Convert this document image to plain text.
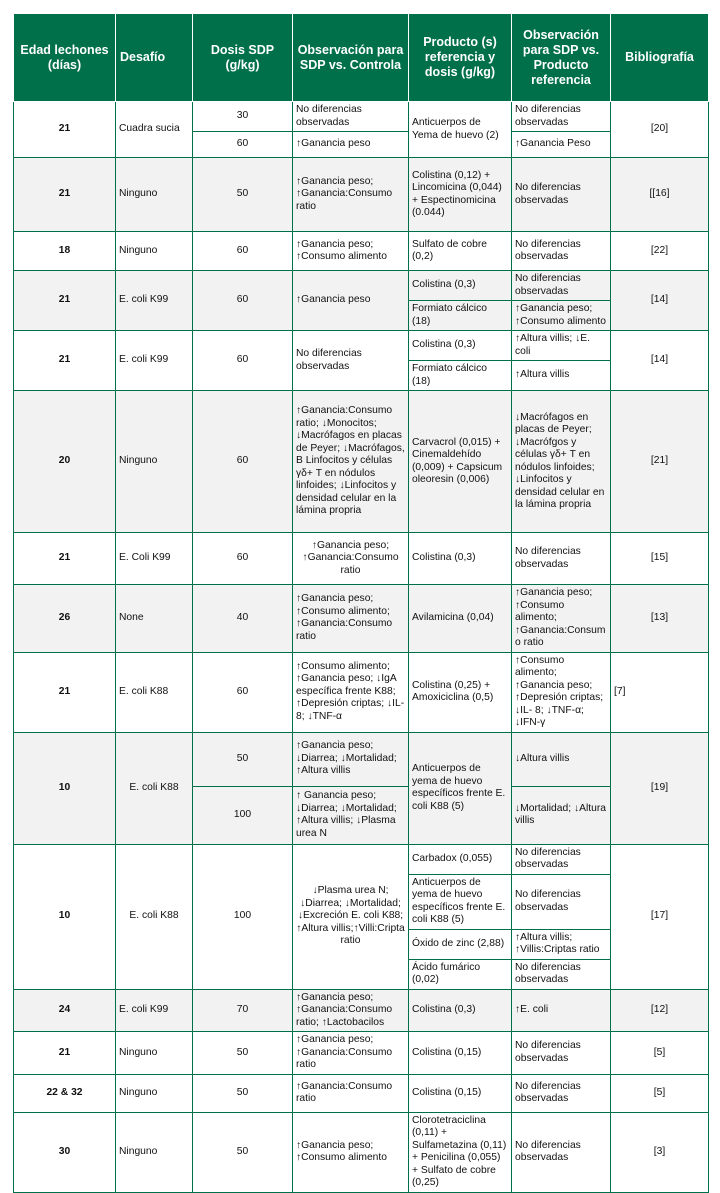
Edad lechones (días)	Desafío	Dosis SDP (g/kg)	Observación para SDP vs. Controla	Producto (s) referencia y dosis (g/kg)	Observación para SDP vs. Producto referencia	Bibliografía
21	Cuadra sucia	30	No diferencias observadas	Anticuerpos de Yema de huevo (2)	No diferencias observadas	[20]
		60	↑Ganancia peso		↑Ganancia Peso	
21	Ninguno	50	↑Ganancia peso; ↑Ganancia:Consumo ratio	Colistina (0,12) + Lincomicina (0,044) + Espectinomicina (0.044)	No diferencias observadas	[[16]
18	Ninguno	60	↑Ganancia peso; ↑Consumo alimento	Sulfato de cobre (0,2)	No diferencias observadas	[22]
21	E. coli K99	60	↑Ganancia peso	Colistina (0,3)	No diferencias observadas	[14]
				Formiato cálcico (18)	↑Ganancia peso; ↑Consumo alimento	
21	E. coli K99	60	No diferencias observadas	Colistina (0,3)	↑Altura villis; ↓E. coli	[14]
				Formiato cálcico (18)	↑Altura villis	
20	Ninguno	60	↑Ganancia:Consumo ratio; ↓Monocitos; ↓Macrófagos en placas de Peyer; ↓Macrófagos, B Linfocitos y células γδ+ T en nódulos linfoides; ↓Linfocitos y densidad celular en la lámina propria	Carvacrol (0,015) + Cinemaldehído (0,009) + Capsicum oleoresin (0,006)	↓Macrófagos en placas de Peyer; ↓Macrófgos y células γδ+ T en nódulos linfoides; ↓Linfocitos y densidad celular en la lámina propria	[21]
21	E. Coli K99	60	↑Ganancia peso; ↑Ganancia:Consumo ratio	Colistina (0,3)	No diferencias observadas	[15]
26	None	40	↑Ganancia peso; ↑Consumo alimento; ↑Ganancia:Consumo ratio	Avilamicina (0,04)	↑Ganancia peso; ↑Consumo alimento; ↑Ganancia:Consumo ratio	[13]
21	E. coli K88	60	↑Consumo alimento; ↑Ganancia peso; ↓IgA específica frente K88; ↑Depresión criptas; ↓IL-8; ↓TNF-α	Colistina (0,25) + Amoxiciclina (0,5)	↑Consumo alimento; ↑Ganancia peso; ↑Depresión criptas; ↓IL- 8; ↓TNF-α; ↓IFN-γ	[7]
10	E. coli K88	50	↑Ganancia peso; ↓Diarrea; ↓Mortalidad; ↑Altura villis	Anticuerpos de yema de huevo específicos frente E. coli K88 (5)	↓Altura villis	[19]
		100	↑ Ganancia peso; ↓Diarrea; ↓Mortalidad; ↑Altura villis; ↓Plasma urea N		↓Mortalidad; ↓Altura villis	
10	E. coli K88	100	↓Plasma urea N; ↓Diarrea; ↓Mortalidad; ↓Excreción E. coli K88; ↑Altura villis;↑Villi:Cripta ratio	Carbadox (0,055)	No diferencias observadas	[17]
				Anticuerpos de yema de huevo específicos frente E. coli K88 (5)	No diferencias observadas	
				Óxido de zinc (2,88)	↑Altura villis; ↑Villis:Criptas ratio	
				Ácido fumárico (0,02)	No diferencias observadas	
24	E. coli K99	70	↑Ganancia peso; ↑Ganancia:Consumo ratio; ↑Lactobacilos	Colistina (0,3)	↑E. coli	[12]
21	Ninguno	50	↑Ganancia peso; ↑Ganancia:Consumo ratio	Colistina (0,15)	No diferencias observadas	[5]
22 & 32	Ninguno	50	↑Ganancia:Consumo ratio	Colistina (0,15)	No diferencias observadas	[5]
30	Ninguno	50	↑Ganancia peso; ↑Consumo alimento	Clorotetraciclina (0,11) + Sulfametazina (0,11) + Penicilina (0,055) + Sulfato de cobre (0,25)	No diferencias observadas	[3]
